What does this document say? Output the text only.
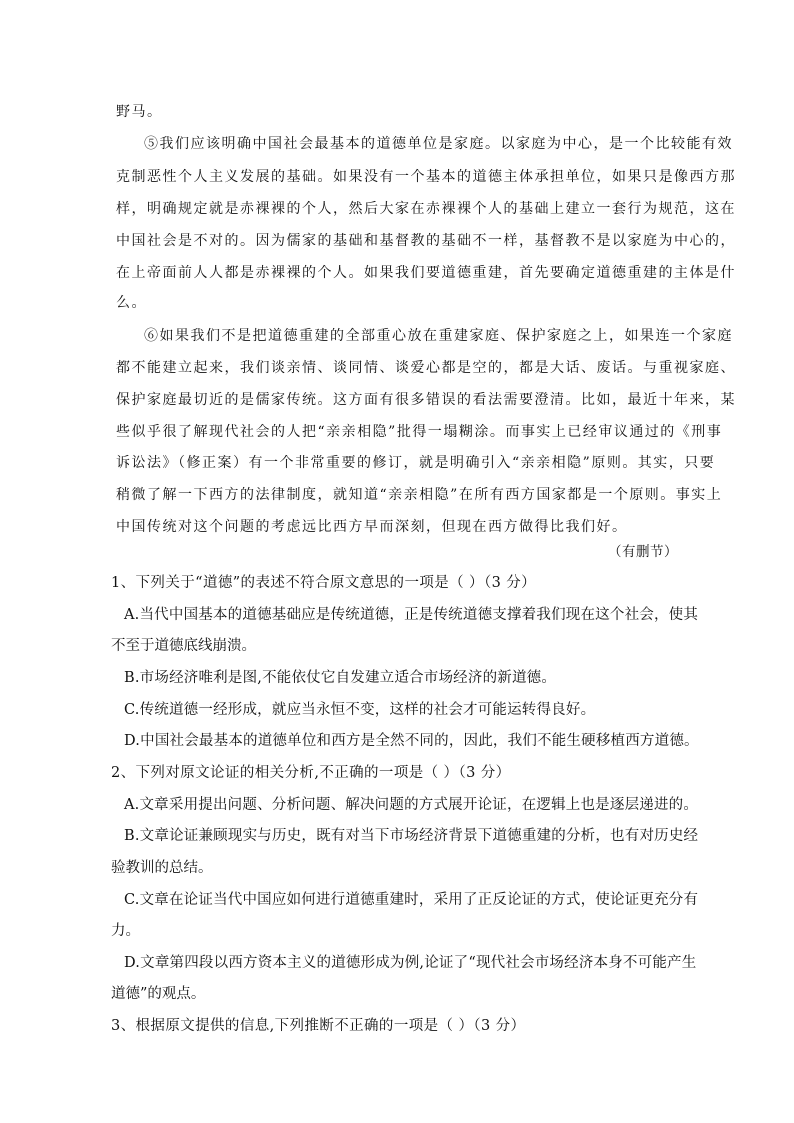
野马。
⑤我们应该明确中国社会最基本的道德单位是家庭。以家庭为中心，是一个比较能有效
克制恶性个人主义发展的基础。如果没有一个基本的道德主体承担单位，如果只是像西方那
样，明确规定就是赤裸裸的个人，然后大家在赤裸裸个人的基础上建立一套行为规范，这在
中国社会是不对的。因为儒家的基础和基督教的基础不一样，基督教不是以家庭为中心的，
在上帝面前人人都是赤裸裸的个人。如果我们要道德重建，首先要确定道德重建的主体是什
么。
⑥如果我们不是把道德重建的全部重心放在重建家庭、保护家庭之上，如果连一个家庭
都不能建立起来，我们谈亲情、谈同情、谈爱心都是空的，都是大话、废话。与重视家庭、
保护家庭最切近的是儒家传统。这方面有很多错误的看法需要澄清。比如，最近十年来，某
些似乎很了解现代社会的人把“亲亲相隐”批得一塌糊涂。而事实上已经审议通过的《刑事
诉讼法》（修正案）有一个非常重要的修订，就是明确引入“亲亲相隐”原则。其实，只要
稍微了解一下西方的法律制度，就知道“亲亲相隐”在所有西方国家都是一个原则。事实上
中国传统对这个问题的考虑远比西方早而深刻，但现在西方做得比我们好。
（有删节）
1、下列关于“道德”的表述不符合原文意思的一项是（ ）（3 分）
A.当代中国基本的道德基础应是传统道德，正是传统道德支撑着我们现在这个社会，使其
不至于道德底线崩溃。
B.市场经济唯利是图,不能依仗它自发建立适合市场经济的新道德。
C.传统道德一经形成，就应当永恒不变，这样的社会才可能运转得良好。
D.中国社会最基本的道德单位和西方是全然不同的，因此，我们不能生硬移植西方道德。
2、下列对原文论证的相关分析,不正确的一项是（ ）（3 分）
A.文章采用提出问题、分析问题、解决问题的方式展开论证，在逻辑上也是逐层递进的。
B.文章论证兼顾现实与历史，既有对当下市场经济背景下道德重建的分析，也有对历史经
验教训的总结。
C.文章在论证当代中国应如何进行道德重建时，采用了正反论证的方式，使论证更充分有
力。
D.文章第四段以西方资本主义的道德形成为例,论证了“现代社会市场经济本身不可能产生
道德”的观点。
3、根据原文提供的信息,下列推断不正确的一项是（ ）（3 分）
